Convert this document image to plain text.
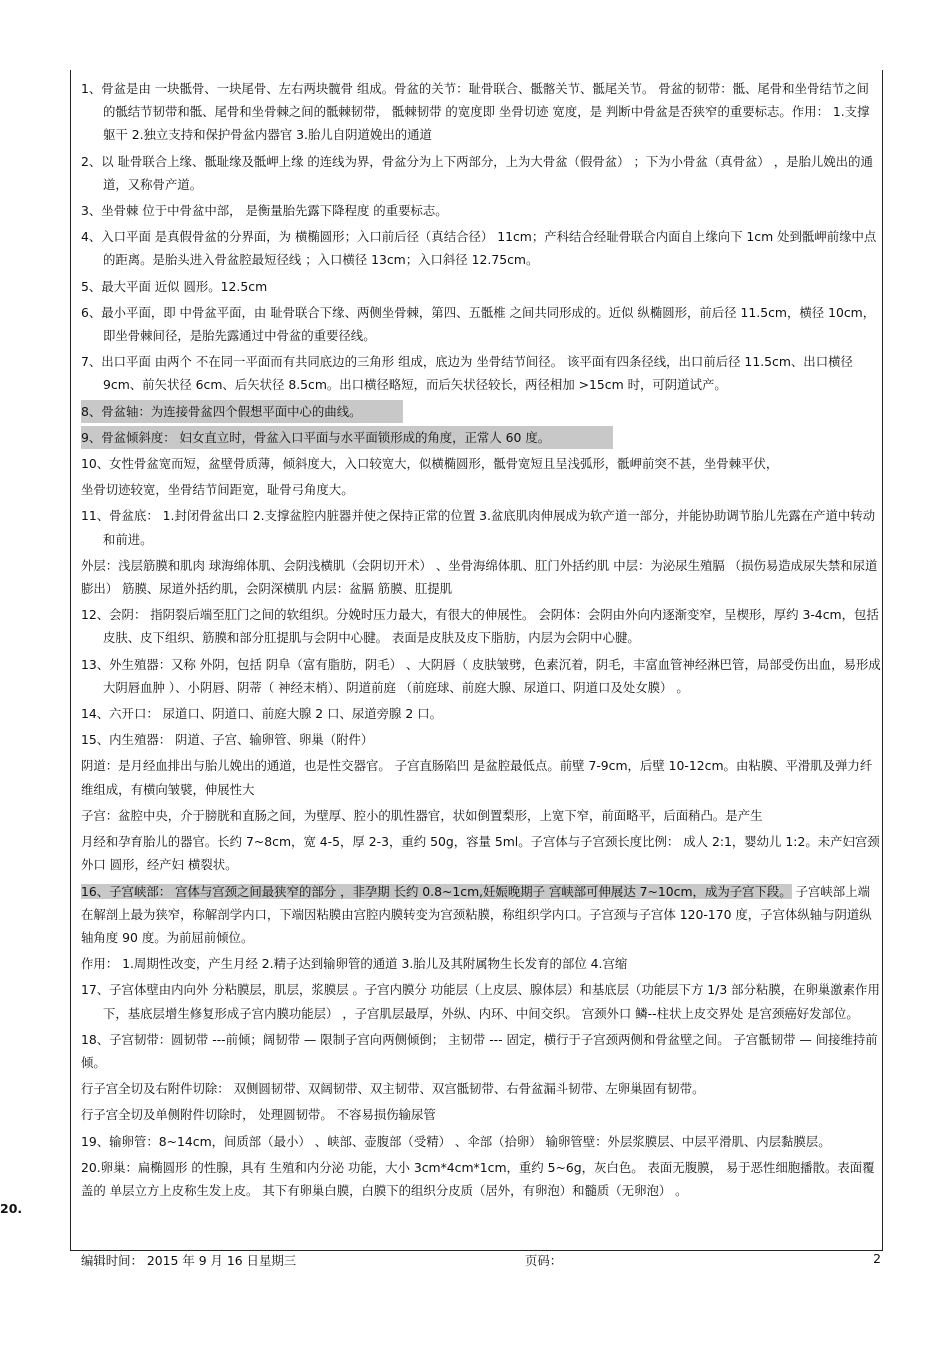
1、骨盆是由 一块骶骨、一块尾骨、左右两块髋骨 组成。骨盆的关节：耻骨联合、骶髂关节、骶尾关节。 骨盆的韧带：骶、尾骨和坐骨结节之间的骶结节韧带和骶、尾骨和坐骨棘之间的骶棘韧带， 骶棘韧带 的宽度即 坐骨切迹 宽度，是 判断中骨盆是否狭窄的重要标志。作用： 1.支撑躯干 2.独立支持和保护骨盆内器官 3.胎儿自阴道娩出的通道

2、以 耻骨联合上缘、骶耻缘及骶岬上缘 的连线为界，骨盆分为上下两部分，上为大骨盆（假骨盆） ；下为小骨盆（真骨盆） ，是胎儿娩出的通道，又称骨产道。

3、坐骨棘 位于中骨盆中部， 是衡量胎先露下降程度 的重要标志。

4、入口平面 是真假骨盆的分界面，为 横椭圆形；入口前后径（真结合径） 11cm；产科结合经耻骨联合内面自上缘向下 1cm 处到骶岬前缘中点的距离。是胎头进入骨盆腔最短径线 ；入口横径 13cm；入口斜径 12.75cm。

5、最大平面 近似 圆形。12.5cm

6、最小平面，即 中骨盆平面，由 耻骨联合下缘、两侧坐骨棘，第四、五骶椎 之间共同形成的。近似 纵椭圆形，前后径 11.5cm，横径 10cm，即坐骨棘间径，是胎先露通过中骨盆的重要径线。

7、出口平面 由两个 不在同一平面而有共同底边的三角形 组成，底边为 坐骨结节间径。 该平面有四条径线，出口前后径 11.5cm、出口横径 9cm、前矢状径 6cm、后矢状径 8.5cm。出口横径略短，而后矢状径较长，两径相加 >15cm 时，可阴道试产。

8、骨盆轴：为连接骨盆四个假想平面中心的曲线。

9、骨盆倾斜度： 妇女直立时，骨盆入口平面与水平面锁形成的角度，正常人 60 度。

10、女性骨盆宽而短，盆壁骨质薄，倾斜度大，入口较宽大，似横椭圆形，骶骨宽短且呈浅弧形，骶岬前突不甚，坐骨棘平伏，

坐骨切迹较宽，坐骨结节间距宽，耻骨弓角度大。

11、骨盆底： 1.封闭骨盆出口 2.支撑盆腔内脏器并使之保持正常的位置 3.盆底肌肉伸展成为软产道一部分，并能协助调节胎儿先露在产道中转动和前进。

外层：浅层筋膜和肌肉 球海绵体肌、会阴浅横肌（会阴切开术） 、坐骨海绵体肌、肛门外括约肌 中层：为泌尿生殖膈 （损伤易造成尿失禁和尿道膨出） 筋膜、尿道外括约肌，会阴深横肌 内层：盆膈 筋膜、肛提肌

12、会阴： 指阴裂后端至肛门之间的软组织。分娩时压力最大，有很大的伸展性。 会阴体：会阴由外向内逐渐变窄，呈楔形，厚约 3-4cm，包括皮肤、皮下组织、筋膜和部分肛提肌与会阴中心腱。 表面是皮肤及皮下脂肪，内层为会阴中心腱。

13、外生殖器：又称 外阴，包括 阴阜（富有脂肪，阴毛） 、大阴唇（ 皮肤皱劈，色素沉着，阴毛，丰富血管神经淋巴管，局部受伤出血，易形成大阴唇血肿 ）、小阴唇、阴蒂（ 神经末梢）、阴道前庭 （前庭球、前庭大腺、尿道口、阴道口及处女膜） 。

14、六开口： 尿道口、阴道口、前庭大腺 2 口、尿道旁腺 2 口。

15、内生殖器： 阴道、子宫、输卵管、卵巢（附件）

阴道：是月经血排出与胎儿娩出的通道，也是性交器官。 子宫直肠陷凹 是盆腔最低点。前壁 7-9cm，后壁 10-12cm。由粘膜、平滑肌及弹力纤维组成，有横向皱襞，伸展性大

子宫：盆腔中央，介于膀胱和直肠之间，为壁厚、腔小的肌性器官，状如倒置梨形，上宽下窄，前面略平，后面稍凸。是产生

月经和孕育胎儿的器官。长约 7~8cm，宽 4-5，厚 2-3，重约 50g，容量 5ml。子宫体与子宫颈长度比例： 成人 2:1，婴幼儿 1:2。未产妇宫颈外口 圆形，经产妇 横裂状。

16、子宫峡部： 宫体与宫颈之间最狭窄的部分 ，非孕期 长约 0.8~1cm,妊娠晚期子 宫峡部可伸展达 7~10cm，成为子宫下段。 子宫峡部上端在解剖上最为狭窄，称解剖学内口，下端因粘膜由宫腔内膜转变为宫颈粘膜，称组织学内口。子宫颈与子宫体 120-170 度，子宫体纵轴与阴道纵轴角度 90 度。为前屈前倾位。

作用： 1.周期性改变，产生月经 2.精子达到输卵管的通道 3.胎儿及其附属物生长发育的部位 4.宫缩

17、子宫体壁由内向外 分粘膜层，肌层，浆膜层 。子宫内膜分 功能层（上皮层、腺体层）和基底层（功能层下方 1/3 部分粘膜，在卵巢激素作用下，基底层增生修复形成子宫内膜功能层） ，子宫肌层最厚，外纵、内环、中间交织。 宫颈外口 鳞--柱状上皮交界处 是宫颈癌好发部位。

18、子宫韧带：圆韧带 ---前倾；阔韧带 — 限制子宫向两侧倾倒； 主韧带 --- 固定，横行于子宫颈两侧和骨盆壁之间。 子宫骶韧带 — 间接维持前倾。

行子宫全切及右附件切除： 双侧圆韧带、双阔韧带、双主韧带、双宫骶韧带、右骨盆漏斗韧带、左卵巢固有韧带。

行子宫全切及单侧附件切除时， 处理圆韧带。 不容易损伤输尿管

19、输卵管：8~14cm，间质部（最小） 、峡部、壶腹部（受精） 、伞部（拾卵） 输卵管壁：外层浆膜层、中层平滑肌、内层黏膜层。

20.卵巢：扁椭圆形 的性腺，具有 生殖和内分泌 功能，大小 3cm*4cm*1cm，重约 5~6g，灰白色。 表面无腹膜， 易于恶性细胞播散。表面覆盖的 单层立方上皮称生发上皮。 其下有卵巢白膜，白膜下的组织分皮质（居外，有卵泡）和髓质（无卵泡） 。

20.
编辑时间： 2015 年 9 月 16 日星期三	页码：	2
